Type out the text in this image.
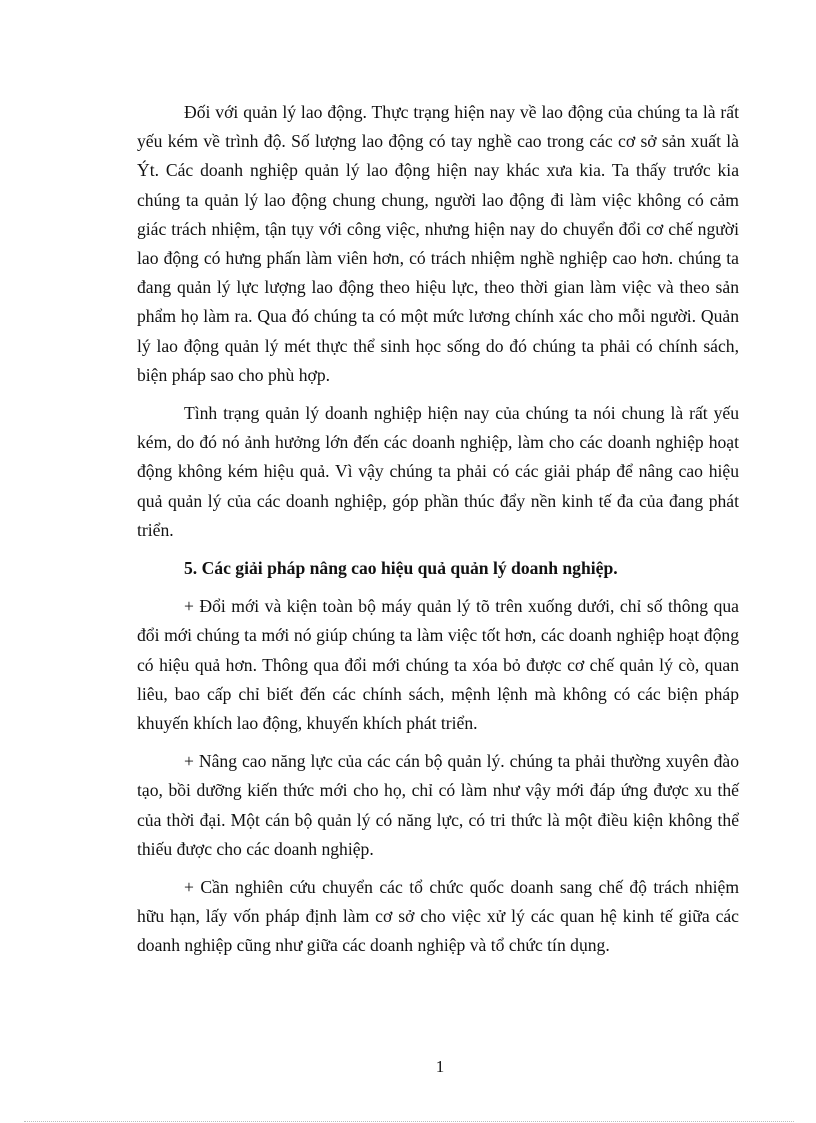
Đối với quản lý lao động. Thực trạng hiện nay về lao động của chúng ta là rất yếu kém về trình độ. Số lượng lao động có tay nghề cao trong các cơ sở sản xuất là Ýt. Các doanh nghiệp quản lý lao động hiện nay khác xưa kia. Ta thấy trước kia chúng ta quản lý lao động chung chung, người lao động đi làm việc không có cảm giác trách nhiệm, tận tụy với công việc, nhưng hiện nay do chuyển đổi cơ chế người lao động có hưng phấn làm viên hơn, có trách nhiệm nghề nghiệp cao hơn. chúng ta đang quản lý lực lượng lao động theo hiệu lực, theo thời gian làm việc và theo sản phẩm họ làm ra. Qua đó chúng ta có một mức lương chính xác cho mỗi người. Quản lý lao động quản lý mét thực thể sinh học sống do đó chúng ta phải có chính sách, biện pháp sao cho phù hợp.

Tình trạng quản lý doanh nghiệp hiện nay của chúng ta nói chung là rất yếu kém, do đó nó ảnh hưởng lớn đến các doanh nghiệp, làm cho các doanh nghiệp hoạt động không kém hiệu quả. Vì vậy chúng ta phải có các giải pháp để nâng cao hiệu quả quản lý của các doanh nghiệp, góp phần thúc đẩy nền kinh tế đa của đang phát triển.

5. Các giải pháp nâng cao hiệu quả quản lý doanh nghiệp.

+ Đổi mới và kiện toàn bộ máy quản lý tõ trên xuống dưới, chỉ số thông qua đổi mới chúng ta mới nó giúp chúng ta làm việc tốt hơn, các doanh nghiệp hoạt động có hiệu quả hơn. Thông qua đổi mới chúng ta xóa bỏ được cơ chế quản lý cò, quan liêu, bao cấp chỉ biết đến các chính sách, mệnh lệnh mà không có các biện pháp khuyến khích lao động, khuyến khích phát triển.

+ Nâng cao năng lực của các cán bộ quản lý. chúng ta phải thường xuyên đào tạo, bồi dưỡng kiến thức mới cho họ, chỉ có làm như vậy mới đáp ứng được xu thế của thời đại. Một cán bộ quản lý có năng lực, có tri thức là một điều kiện không thể thiếu được cho các doanh nghiệp.

+ Cần nghiên cứu chuyển các tổ chức quốc doanh sang chế độ trách nhiệm hữu hạn, lấy vốn pháp định làm cơ sở cho việc xử lý các quan hệ kinh tế giữa các doanh nghiệp cũng như giữa các doanh nghiệp và tổ chức tín dụng.

1
